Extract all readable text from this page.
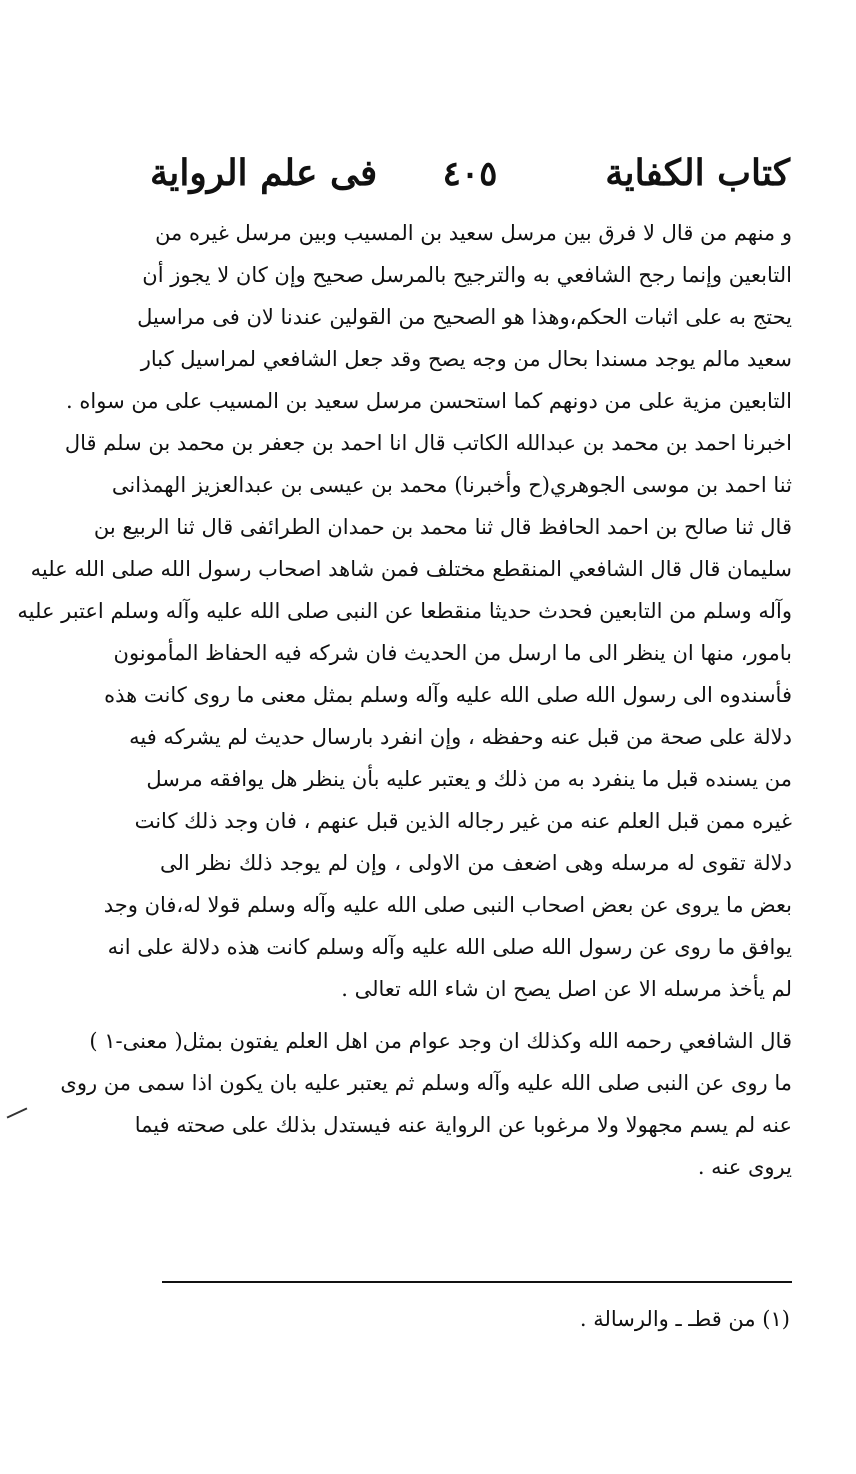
كتاب الكفاية
٤٠٥
فى علم الرواية
و منهم من قال لا فرق بين مرسل سعيد بن المسيب وبين مرسل غيره من
التابعين وإنما رجح الشافعي به والترجيح بالمرسل صحيح وإن كان لا يجوز أن
يحتج به على اثبات الحكم،وهذا هو الصحيح من القولين عندنا لان فى مراسيل
سعيد مالم يوجد مسندا بحال من وجه يصح وقد جعل الشافعي لمراسيل كبار
التابعين مزية على من دونهم كما استحسن مرسل سعيد بن المسيب على من سواه .
اخبرنا احمد بن محمد بن عبدالله الكاتب قال انا احمد بن جعفر بن محمد بن سلم قال
ثنا احمد بن موسى الجوهري(ح وأخبرنا) محمد بن عيسى بن عبدالعزيز الهمذانى
قال ثنا صالح بن احمد الحافظ قال ثنا محمد بن حمدان الطرائفى قال ثنا الربيع بن
سليمان قال قال الشافعي المنقطع مختلف فمن شاهد اصحاب رسول الله صلى الله عليه
وآله وسلم من التابعين فحدث حديثا منقطعا عن النبى صلى الله عليه وآله وسلم اعتبر عليه
بامور، منها ان ينظر الى ما ارسل من الحديث فان شركه فيه الحفاظ المأمونون
فأسندوه الى رسول الله صلى الله عليه وآله وسلم بمثل معنى ما روى كانت هذه
دلالة على صحة من قبل عنه وحفظه ، وإن انفرد بارسال حديث لم يشركه فيه
من يسنده قبل ما ينفرد به من ذلك و يعتبر عليه بأن ينظر هل يوافقه مرسل
غيره ممن قبل العلم عنه من غير رجاله الذين قبل عنهم ، فان وجد ذلك كانت
دلالة تقوى له مرسله وهى اضعف من الاولى ، وإن لم يوجد ذلك نظر الى
بعض ما يروى عن بعض اصحاب النبى صلى الله عليه وآله وسلم قولا له،فان وجد
يوافق ما روى عن رسول الله صلى الله عليه وآله وسلم كانت هذه دلالة على انه
لم يأخذ مرسله الا عن اصل يصح ان شاء الله تعالى .
قال الشافعي رحمه الله وكذلك ان وجد عوام من اهل العلم يفتون بمثل( معنى-١ )
ما روى عن النبى صلى الله عليه وآله وسلم ثم يعتبر عليه بان يكون اذا سمى من روى
عنه لم يسم مجهولا ولا مرغوبا عن الرواية عنه فيستدل بذلك على صحته فيما
يروى عنه .
(١) من قطـ ـ والرسالة .
